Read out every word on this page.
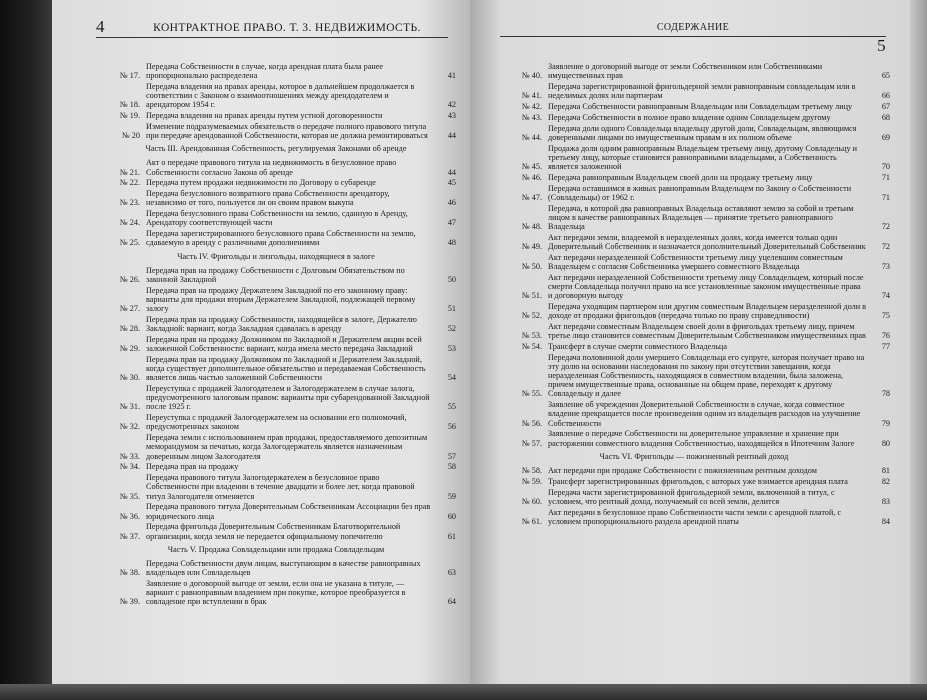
4	КОНТРАКТНОЕ ПРАВО. Т. 3. НЕДВИЖИМОСТЬ.
№ 17.
Передача Собственности в случае, когда арендная плата была ранее пропорционально распределена	41
№ 18.
Передача владения на правах аренды, которое в дальнейшем продолжается в соответствии с Законом о взаимоотношениях между арендодателем и арендатором 1954 г.	42
№ 19. Передача владения на правах аренды путем устной договоренности	43
№ 20
Изменение подразумеваемых обязательств о передаче полного правового титула при передаче арендованной Собственности, которая не должна ремонтироваться	44
Часть III. Арендованная Собственность, регулируемая Законами об аренде
№ 21.
Акт о передаче правового титула на недвижимость в безусловное право Собственности согласно Закона об аренде	44
№ 22. Передача путем продажи недвижимости по Договору о субаренде	45
№ 23.
Передача безусловного возвратного права Собственности арендатору, независимо от того, пользуется ли он своим правом выкупа	46
№ 24.
Передача безусловного права Собственности на землю, сданную в Аренду, Арендатору соответствующей части	47
№ 25.
Передача зарегистрированного безусловного права Собственности на землю, сдаваемую в аренду с различными дополнениями	48
Часть IV. Фригольды и лизгольды, находящиеся в залоге
№ 26.
Передача прав на продажу Собственности с Долговым Обязательством по законной Закладной	50
№ 27.
Передача прав на продажу Держателем Закладной по его законному праву: варианты для продажи вторым Держателем Закладной, подлежащей первому залогу	51
№ 28.
Передача прав на продажу Собственности, находящейся в залоге, Держателю Закладной: вариант, когда Закладная сдавалась в аренду	52
№ 29.
Передача прав на продажу Должником по Закладной и Держателем акции всей заложенной Собственности: вариант, когда имела место передача Закладной	53
№ 30.
Передача прав на продажу Должником по Закладной и Держателем Закладной, когда существует дополнительное обязательство и передаваемая Собственность является лишь частью заложенной Собственности	54
№ 31.
Переуступка с продажей Залогодателем и Залогодержателем в случае залога, предусмотренного залоговым правом: варианты при субарендованной Закладной после 1925 г.	55
№ 32.
Переуступка с продажей Залогодержателем на основании его полномочий, предусмотренных законом	56
№ 33.
Передача земли с использованием прав продажи, предоставляемого депозитным меморандумом за печатью, когда Залогодержатель является назначенным доверенным лицом Залогодателя	57
№ 34. Передача прав на продажу	58
№ 35.
Передача правового титула Залогодержателем в безусловное право Собственности при владении в течение двадцати и более лет, когда правовой титул Залогодателя отменяется	59
№ 36.
Передача правового титула Доверительным Собственникам Ассоциации без прав юридического лица	60
№ 37.
Передача фригольда Доверительным Собственникам Благотворительной организации, когда земля не передается официальному попечителю	61
Часть V. Продажа Совладельцами или продажа Совладельцам
№ 38.
Передача Собственности двум лицам, выступающим в качестве равноправных владельцев или Совладельцев	63
№ 39.
Заявление о договорной выгоде от земли, если она не указана в титуле, — вариант с равноправным владением при покупке, которое преобразуется в совладение при вступлении в брак	64
СОДЕРЖАНИЕ
5
№ 40.
Заявление о договорной выгоде от земли Собственником или Собственниками имущественных прав	65
№ 41.
Передача зарегистрированной фригольдерной земли равноправным совладельцам или в неделимых долях или партнерам	66
№ 42. Передача Собственности равноправным Владельцам или Совладельцам третьему лицу	67
№ 43. Передача Собственности в полное право владения одним Совладельцем другому	68
№ 44.
Передача доли одного Совладельца владельцу другой доли, Совладельцам, являющимся доверенными лицами по имущественным правам в их полном объеме	69
№ 45.
Продажа доли одним равноправным Владельцем третьему лицу, другому Совладельцу и третьему лицу, которые становятся равноправными владельцами, а Собственность является заложенной	70
№ 46. Передача равноправным Владельцем своей доли на продажу третьему лицу	71
№ 47.
Передача оставшимся в живых равноправным Владельцем по Закону о Собственности (Совладельцы) от 1962 г.	71
№ 48.
Передача, в которой два равноправных Владельца оставляют землю за собой и третьим лицом в качестве равноправных Владельцев — принятие третьего равноправного Владельца	72
№ 49.
Акт передачи земли, владеемой в неразделенных долях, когда имеется только один Доверительный Собственник и назначается дополнительный Доверительный Собственник	72
№ 50.
Акт передачи неразделенной Собственности третьему лицу уцелевшим совместным Владельцем с согласия Собственника умершего совместного Владельца	73
№ 51.
Акт передачи неразделенной Собственности третьему лицу Совладельцем, который после смерти Совладельца получил право на все установленные законом имущественные права и договорную выгоду	74
№ 52.
Передача уходящим партнером или другим совместным Владельцем неразделенной доли в доходе от продажи фригольдов (передача только по праву справедливости)	75
№ 53.
Акт передачи совместным Владельцем своей доли в фригольдах третьему лицу, причем третье лицо становится совместным Доверительным Собственником имущественных прав	76
№ 54. Трансферт в случае смерти совместного Владельца	77
№ 55.
Передача половинной доли умершего Совладельца его супруге, которая получает право на эту долю на основании наследования по закону при отсутствии завещания, когда неразделенная Собственность, находящаяся в совместном владении, была заложена, причем имущественные права, основанные на общем праве, переходят к другому Совладельцу и далее	78
№ 56.
Заявление об учреждении Доверительной Собственности в случае, когда совместное владение прекращается после произведения одним из владельцев расходов на улучшение Собственности	79
№ 57.
Заявление о передаче Собственности на доверительное управление и хранение при расторжении совместного владения Собственностью, находящейся в Ипотечном Залоге	80
Часть VI. Фригольды — пожизненный рентный доход
№ 58. Акт передачи при продаже Собственности с пожизненным рентным доходом	81
№ 59. Трансферт зарегистрированных фригольдов, с которых уже взимается арендная плата	82
№ 60.
Передача части зарегистрированной фригольдерной земли, включенной в титул, с условием, что рентный доход, получаемый со всей земли, делится	83
№ 61.
Акт передачи в безусловное право Собственности части земли с арендной платой, с условием пропорционального раздела арендной платы	84
